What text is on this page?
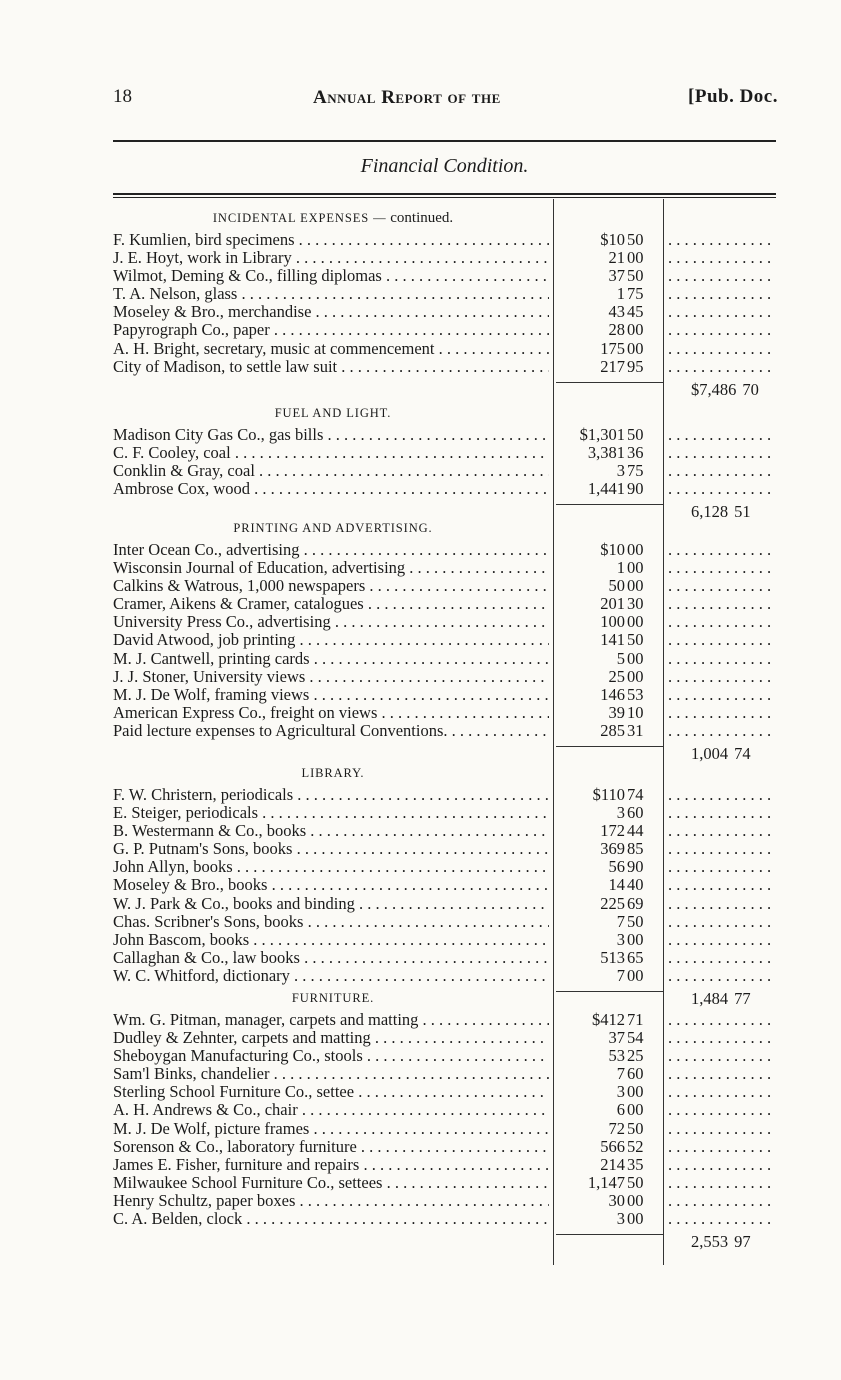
18	Annual Report of the	[Pub. Doc.
Financial Condition.
INCIDENTAL EXPENSES — continued.
F. Kumlien, bird specimens . . .	$10 50
. . .
J. E. Hoyt, work in Library . . .	21 00
. . .
Wilmot, Deming & Co., filling diplomas . . .	37 50
. . .
T. A. Nelson, glass . . .	1 75
. . .
Moseley & Bro., merchandise . . .	43 45
. . .
Papyrograph Co., paper . . .	28 00
. . .
A. H. Bright, secretary, music at commencement . . .	175 00
. . .
City of Madison, to settle law suit . . .	217 95
. . .
$7,486 70
FUEL AND LIGHT.
Madison City Gas Co., gas bills . . .	$1,301 50
. . .
C. F. Cooley, coal . . .	3,381 36
. . .
Conklin & Gray, coal . . .	3 75
. . .
Ambrose Cox, wood . . .	1,441 90
. . .
6,128 51
PRINTING AND ADVERTISING.
Inter Ocean Co., advertising . . .	$10 00
. . .
Wisconsin Journal of Education, advertising . . .	1 00
. . .
Calkins & Watrous, 1,000 newspapers . . .	50 00
. . .
Cramer, Aikens & Cramer, catalogues . . .	201 30
. . .
University Press Co., advertising . . .	100 00
. . .
David Atwood, job printing . . .	141 50
. . .
M. J. Cantwell, printing cards . . .	5 00
. . .
J. J. Stoner, University views . . .	25 00
. . .
M. J. De Wolf, framing views . . .	146 53
. . .
American Express Co., freight on views . . .	39 10
. . .
Paid lecture expenses to Agricultural Conventions. . . .	285 31
. . .
1,004 74
LIBRARY.
F. W. Christern, periodicals . . .	$110 74
. . .
E. Steiger, periodicals . . .	3 60
. . .
B. Westermann & Co., books . . .	172 44
. . .
G. P. Putnam's Sons, books . . .	369 85
. . .
John Allyn, books . . .	56 90
. . .
Moseley & Bro., books . . .	14 40
. . .
W. J. Park & Co., books and binding . . .	225 69
. . .
Chas. Scribner's Sons, books . . .	7 50
. . .
John Bascom, books . . .	3 00
. . .
Callaghan & Co., law books . . .	513 65
. . .
W. C. Whitford, dictionary . . .	7 00
. . .
1,484 77
FURNITURE.
Wm. G. Pitman, manager, carpets and matting . . .	$412 71
. . .
Dudley & Zehnter, carpets and matting . . .	37 54
. . .
Sheboygan Manufacturing Co., stools . . .	53 25
. . .
Sam'l Binks, chandelier . . .	7 60
. . .
Sterling School Furniture Co., settee . . .	3 00
. . .
A. H. Andrews & Co., chair . . .	6 00
. . .
M. J. De Wolf, picture frames . . .	72 50
. . .
Sorenson & Co., laboratory furniture . . .	566 52
. . .
James E. Fisher, furniture and repairs . . .	214 35
. . .
Milwaukee School Furniture Co., settees . . .	1,147 50
. . .
Henry Schultz, paper boxes . . .	30 00
. . .
C. A. Belden, clock . . .	3 00
. . .
2,553 97
